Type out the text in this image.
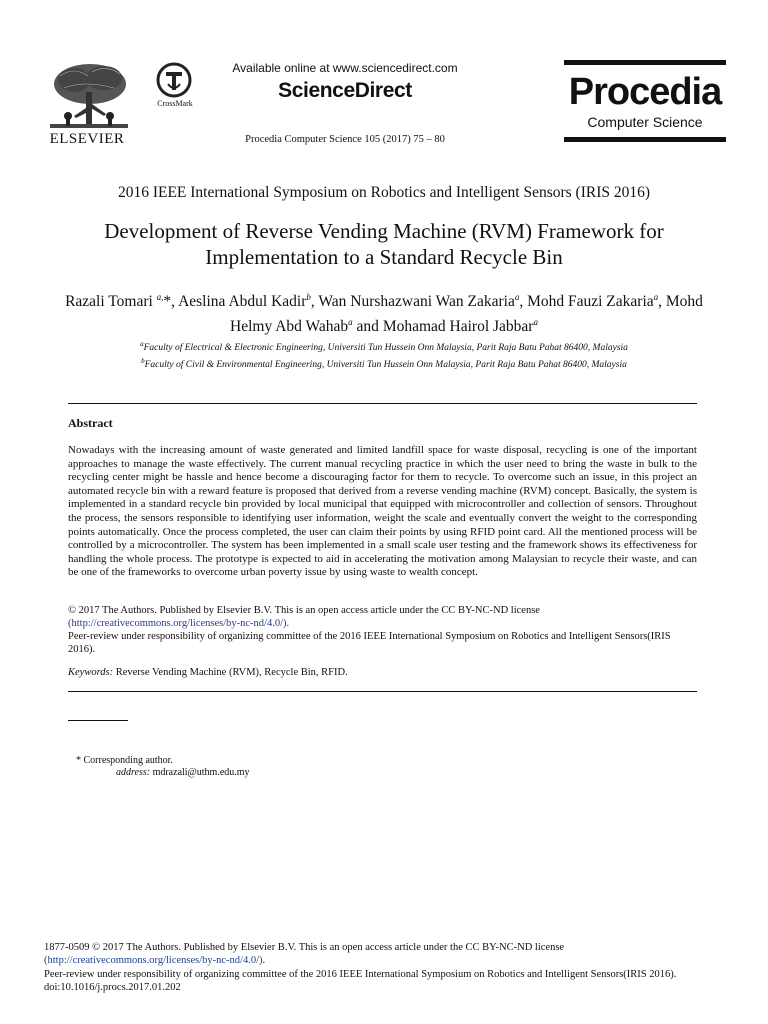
ELSEVIER
CrossMark
Available online at www.sciencedirect.com
ScienceDirect
Procedia Computer Science 105 (2017) 75 – 80
Procedia
Computer Science
2016 IEEE International Symposium on Robotics and Intelligent Sensors (IRIS 2016)
Development of Reverse Vending Machine (RVM) Framework for
Implementation to a Standard Recycle Bin
Razali Tomari $^{a,}$*, Aeslina Abdul Kadir$^b$, Wan Nurshazwani Wan Zakaria$^a$, Mohd Fauzi Zakaria$^a$, Mohd Helmy Abd Wahab$^a$ and Mohamad Hairol Jabbar$^a$
$^a$Faculty of Electrical & Electronic Engineering, Universiti Tun Hussein Onn Malaysia, Parit Raja Batu Pahat 86400, Malaysia
$^b$Faculty of Civil & Environmental Engineering, Universiti Tun Hussein Onn Malaysia, Parit Raja Batu Pahat 86400, Malaysia
Abstract
Nowadays with the increasing amount of waste generated and limited landfill space for waste disposal, recycling is one of the important approaches to manage the waste effectively. The current manual recycling practice in which the user need to bring the waste in bulk to the recycling center might be hassle and hence become a discouraging factor for them to recycle. To overcome such an issue, in this project an automated recycle bin with a reward feature is proposed that derived from a reverse vending machine (RVM) concept. Basically, the system is implemented in a standard recycle bin provided by local municipal that equipped with microcontroller and collection of sensors. Throughout the process, the sensors responsible to identifying user information, weight the scale and eventually convert the weight to the corresponding points automatically. Once the process completed, the user can claim their points by using RFID point card. All the mentioned process will be controlled by a microcontroller. The system has been implemented in a small scale user testing and the framework shows its effectiveness for handling the whole process. The prototype is expected to aid in accelerating the motivation among Malaysian to recycle their waste, and can be one of the frameworks to overcome urban poverty issue by using waste to wealth concept.
© 2017 The Authors. Published by Elsevier B.V. This is an open access article under the CC BY-NC-ND license
(http://creativecommons.org/licenses/by-nc-nd/4.0/).
Peer-review under responsibility of organizing committee of the 2016 IEEE International Symposium on Robotics and Intelligent Sensors(IRIS 2016).
Keywords: Reverse Vending Machine (RVM), Recycle Bin, RFID.
* Corresponding author.
address: mdrazali@uthm.edu.my
1877-0509 © 2017 The Authors. Published by Elsevier B.V. This is an open access article under the CC BY-NC-ND license
(http://creativecommons.org/licenses/by-nc-nd/4.0/).
Peer-review under responsibility of organizing committee of the 2016 IEEE International Symposium on Robotics and Intelligent Sensors(IRIS 2016).
doi:10.1016/j.procs.2017.01.202
